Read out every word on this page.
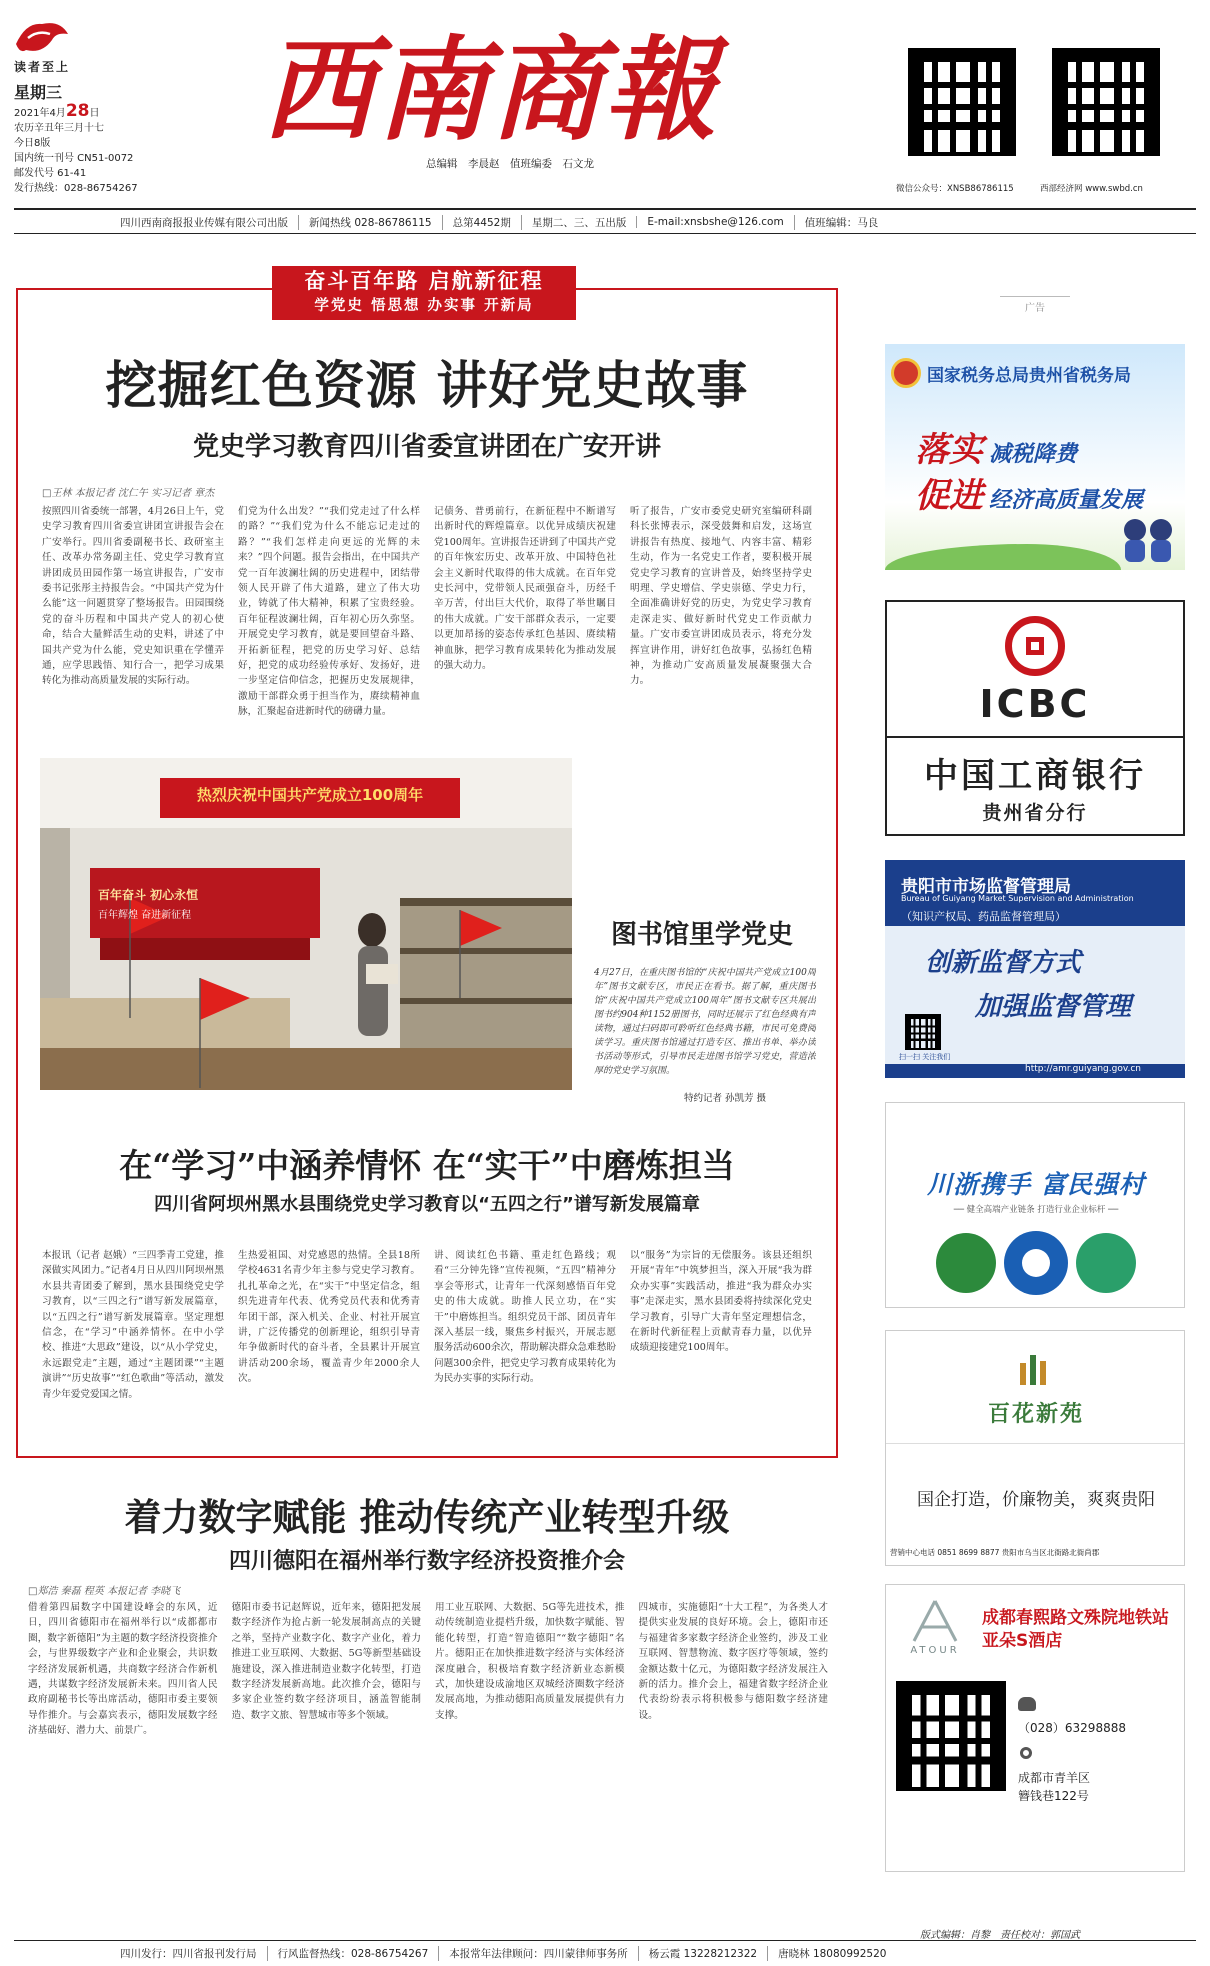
读者至上
星期三
2021年4月28日
农历辛丑年三月十七
今日8版
国内统一刊号 CN51-0072
邮发代号 61-41
发行热线：028-86754267
西南商報
总编辑　李晨赵　值班编委　石文龙
微信公众号：XNSB86786115	西部经济网 www.swbd.cn
四川西南商报报业传媒有限公司出版	新闻热线 028-86786115	总第4452期	星期二、三、五出版	E-mail:xnsbshe@126.com	值班编辑：马良
奋斗百年路 启航新征程
学党史 悟思想 办实事 开新局
挖掘红色资源 讲好党史故事
党史学习教育四川省委宣讲团在广安开讲
□王林 本报记者 沈仁午 实习记者 章杰
按照四川省委统一部署，4月26日上午，党史学习教育四川省委宣讲团宣讲报告会在广安举行。四川省委副秘书长、政研室主任、改革办常务副主任、党史学习教育宣讲团成员田园作第一场宣讲报告，广安市委书记张彤主持报告会。“中国共产党为什么能”这一问题贯穿了整场报告。田园围绕党的奋斗历程和中国共产党人的初心使命，结合大量鲜活生动的史料，讲述了中国共产党为什么能，党史知识重在学懂弄通，应学思践悟、知行合一，把学习成果转化为推动高质量发展的实际行动。
们党为什么出发？”“我们党走过了什么样的路？”“我们党为什么不能忘记走过的路？”“我们怎样走向更远的光辉的未来？”四个问题。报告会指出，在中国共产党一百年波澜壮阔的历史进程中，团结带领人民开辟了伟大道路，建立了伟大功业，铸就了伟大精神，积累了宝贵经验。百年征程波澜壮阔，百年初心历久弥坚。开展党史学习教育，就是要回望奋斗路、开拓新征程，把党的历史学习好、总结好，把党的成功经验传承好、发扬好，进一步坚定信仰信念，把握历史发展规律，激励干部群众勇于担当作为，赓续精神血脉，汇聚起奋进新时代的磅礴力量。
记债务、普勇前行，在新征程中不断谱写出新时代的辉煌篇章。以优异成绩庆祝建党100周年。宣讲报告还讲到了中国共产党的百年恢宏历史、改革开放、中国特色社会主义新时代取得的伟大成就。在百年党史长河中，党带领人民顽强奋斗，历经千辛万苦，付出巨大代价，取得了举世瞩目的伟大成就。广安干部群众表示，一定要以更加昂扬的姿态传承红色基因、赓续精神血脉，把学习教育成果转化为推动发展的强大动力。
听了报告，广安市委党史研究室编研科副科长张博表示，深受鼓舞和启发，这场宣讲报告有热度、接地气、内容丰富、精彩生动，作为一名党史工作者，要积极开展党史学习教育的宣讲普及，始终坚持学史明理、学史增信、学史崇德、学史力行，全面准确讲好党的历史，为党史学习教育走深走实、做好新时代党史工作贡献力量。广安市委宣讲团成员表示，将充分发挥宣讲作用，讲好红色故事，弘扬红色精神，为推动广安高质量发展凝聚强大合力。
热烈庆祝中国共产党成立100周年
百年奋斗 初心永恒
百年辉煌 奋进新征程
图书馆里学党史
4月27日，在重庆图书馆的“庆祝中国共产党成立100周年”图书文献专区，市民正在看书。据了解，重庆图书馆“庆祝中国共产党成立100周年”图书文献专区共展出图书约904种1152册图书，同时还展示了红色经典有声读物，通过扫码即可聆听红色经典书籍，市民可免费阅读学习。重庆图书馆通过打造专区、推出书单、举办读书活动等形式，引导市民走进图书馆学习党史，营造浓厚的党史学习氛围。
特约记者 孙凯芳 摄
在“学习”中涵养情怀 在“实干”中磨炼担当
四川省阿坝州黑水县围绕党史学习教育以“五四之行”谱写新发展篇章
本报讯（记者 赵娥）“三四季青工党建，推深做实风团力。”记者4月日从四川阿坝州黑水县共青团委了解到，黑水县围绕党史学习教育，以“三四之行”谱写新发展篇章，以“五四之行”谱写新发展篇章。坚定理想信念，在“学习”中涵养情怀。在中小学校、推进“大思政”建设，以“从小学党史，永远跟党走”主题，通过“主题团课”“主题演讲”“历史故事”“红色歌曲”等活动，激发青少年爱党爱国之情。
生热爱祖国、对党感恩的热情。全县18所学校4631名青少年主参与党史学习教育。扎扎革命之光，在“实干”中坚定信念，组织先进青年代表、优秀党员代表和优秀青年团干部，深入机关、企业、村社开展宣讲，广泛传播党的创新理论，组织引导青年争做新时代的奋斗者，全县累计开展宣讲活动200余场，覆盖青少年2000余人次。
讲、阅读红色书籍、重走红色路线；观看“三分钟先锋”宣传视频，“五四”精神分享会等形式，让青年一代深刻感悟百年党史的伟大成就。助推人民立功，在“实干”中磨炼担当。组织党员干部、团员青年深入基层一线，聚焦乡村振兴，开展志愿服务活动600余次，帮助解决群众急难愁盼问题300余件，把党史学习教育成果转化为为民办实事的实际行动。
以“服务”为宗旨的无偿服务。该县还组织开展“青年”中筑梦担当，深入开展“我为群众办实事”实践活动，推进“我为群众办实事”走深走实，黑水县团委将持续深化党史学习教育，引导广大青年坚定理想信念，在新时代新征程上贡献青春力量，以优异成绩迎接建党100周年。
着力数字赋能 推动传统产业转型升级
四川德阳在福州举行数字经济投资推介会
□郑浩 秦磊 程英 本报记者 李晓飞
借着第四届数字中国建设峰会的东风，近日，四川省德阳市在福州举行以“成都都市圈，数字新德阳”为主题的数字经济投资推介会，与世界级数字产业和企业聚会，共识数字经济发展新机遇，共商数字经济合作新机遇，共谋数字经济发展新未来。四川省人民政府副秘书长等出席活动，德阳市委主要领导作推介。与会嘉宾表示，德阳发展数字经济基础好、潜力大、前景广。
德阳市委书记赵辉说，近年来，德阳把发展数字经济作为抢占新一轮发展制高点的关键之举，坚持产业数字化、数字产业化，着力推进工业互联网、大数据、5G等新型基础设施建设，深入推进制造业数字化转型，打造数字经济发展新高地。此次推介会，德阳与多家企业签约数字经济项目，涵盖智能制造、数字文旅、智慧城市等多个领域。
用工业互联网、大数据、5G等先进技术，推动传统制造业提档升级，加快数字赋能、智能化转型，打造“智造德阳”“数字德阳”名片。德阳正在加快推进数字经济与实体经济深度融合，积极培育数字经济新业态新模式，加快建设成渝地区双城经济圈数字经济发展高地，为推动德阳高质量发展提供有力支撑。
四城市，实施德阳“十大工程”，为各类人才提供实业发展的良好环境。会上，德阳市还与福建省多家数字经济企业签约，涉及工业互联网、智慧物流、数字医疗等领域，签约金额达数十亿元，为德阳数字经济发展注入新的活力。推介会上，福建省数字经济企业代表纷纷表示将积极参与德阳数字经济建设。
广告
国家税务总局贵州省税务局
落实 减税降费
促进 经济高质量发展
ICBC
中国工商银行
贵州省分行
贵阳市市场监督管理局
Bureau of Guiyang Market Supervision and Administration
（知识产权局、药品监督管理局）
创新监督方式
加强监督管理
扫一扫 关注我们
http://amr.guiyang.gov.cn
川浙携手 富民强村
── 健全高端产业链条 打造行业企业标杆 ──
百花新苑
国企打造，价廉物美，爽爽贵阳
营销中心电话 0851 8699 8877 贵阳市乌当区北衙路北衙尚郡
ATOUR
成都春熙路文殊院地铁站亚朵S酒店
（028）63298888
成都市青羊区
簪钱巷122号
版式编辑：肖黎　责任校对：郭国武
四川发行：四川省报刊发行局	行风监督热线：028-86754267	本报常年法律顾问：四川蒙律师事务所	杨云霞 13228212322	唐晓林 18080992520
